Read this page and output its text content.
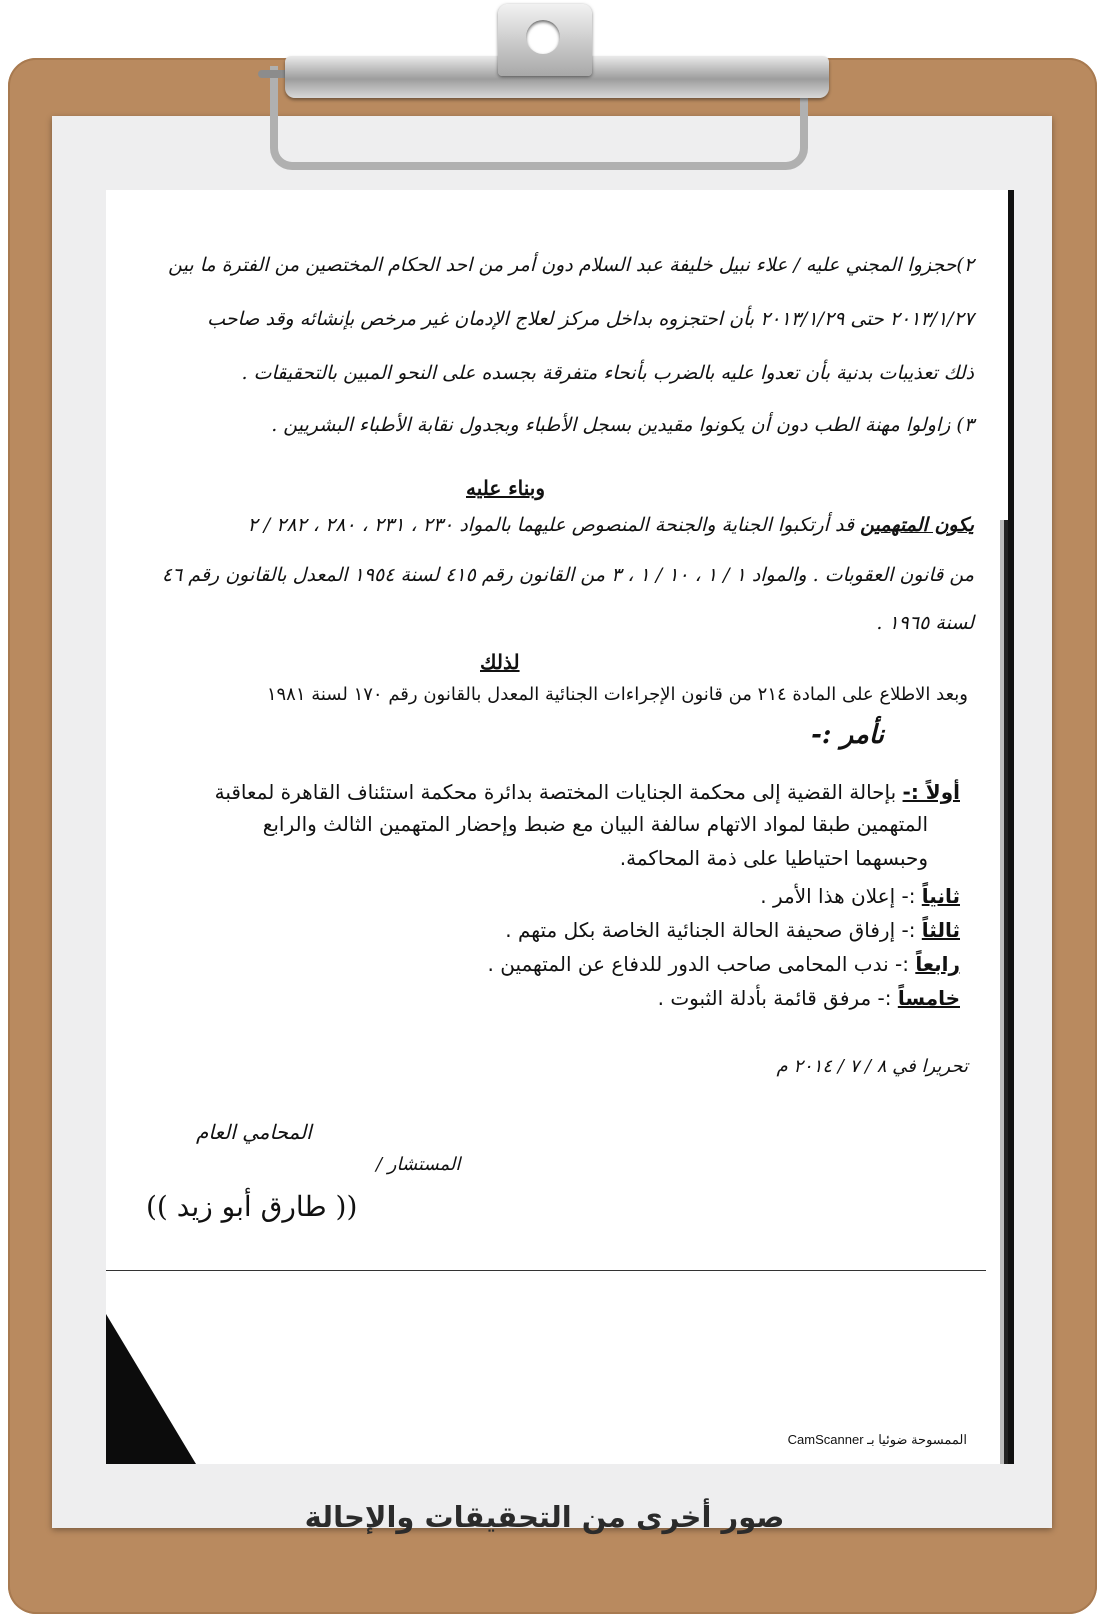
٢)حجزوا المجني عليه / علاء نبيل خليفة عبد السلام دون أمر من احد الحكام المختصين من الفترة ما بين
٢٠١٣/١/٢٧ حتى ٢٠١٣/١/٢٩ بأن احتجزوه بداخل مركز لعلاج الإدمان غير مرخص بإنشائه وقد صاحب
ذلك تعذيبات بدنية بأن تعدوا عليه بالضرب بأنحاء متفرقة بجسده على النحو المبين بالتحقيقات .
٣) زاولوا مهنة الطب دون أن يكونوا مقيدين بسجل الأطباء وبجدول نقابة الأطباء البشريين .
وبناء عليه
يكون المتهمين قد أرتكبوا الجناية والجنحة المنصوص عليهما بالمواد ٢٣٠ ، ٢٣١ ، ٢٨٠ ، ٢٨٢ / ٢
من قانون العقوبات . والمواد ١ / ١ ، ١٠ / ١ ، ٣ من القانون رقم ٤١٥ لسنة ١٩٥٤ المعدل بالقانون رقم ٤٦
لسنة ١٩٦٥ .
لذلك
وبعد الاطلاع على المادة ٢١٤ من قانون الإجراءات الجنائية المعدل بالقانون رقم ١٧٠ لسنة ١٩٨١
نأمر :-
أولاً :- بإحالة القضية إلى محكمة الجنايات المختصة بدائرة محكمة استئناف القاهرة لمعاقبة
المتهمين طبقا لمواد الاتهام سالفة البيان مع ضبط وإحضار المتهمين الثالث والرابع
وحبسهما احتياطيا على ذمة المحاكمة.
ثانياً :- إعلان هذا الأمر .
ثالثاً :- إرفاق صحيفة الحالة الجنائية الخاصة بكل متهم .
رابعاً :- ندب المحامى صاحب الدور للدفاع عن المتهمين .
خامساً :- مرفق قائمة بأدلة الثبوت .
تحريرا في ٨ / ٧ / ٢٠١٤ م
المحامي العام
المستشار /
(( طارق أبو زيد ))
الممسوحة ضوئيا بـ CamScanner
صور أخرى من التحقيقات والإحالة
